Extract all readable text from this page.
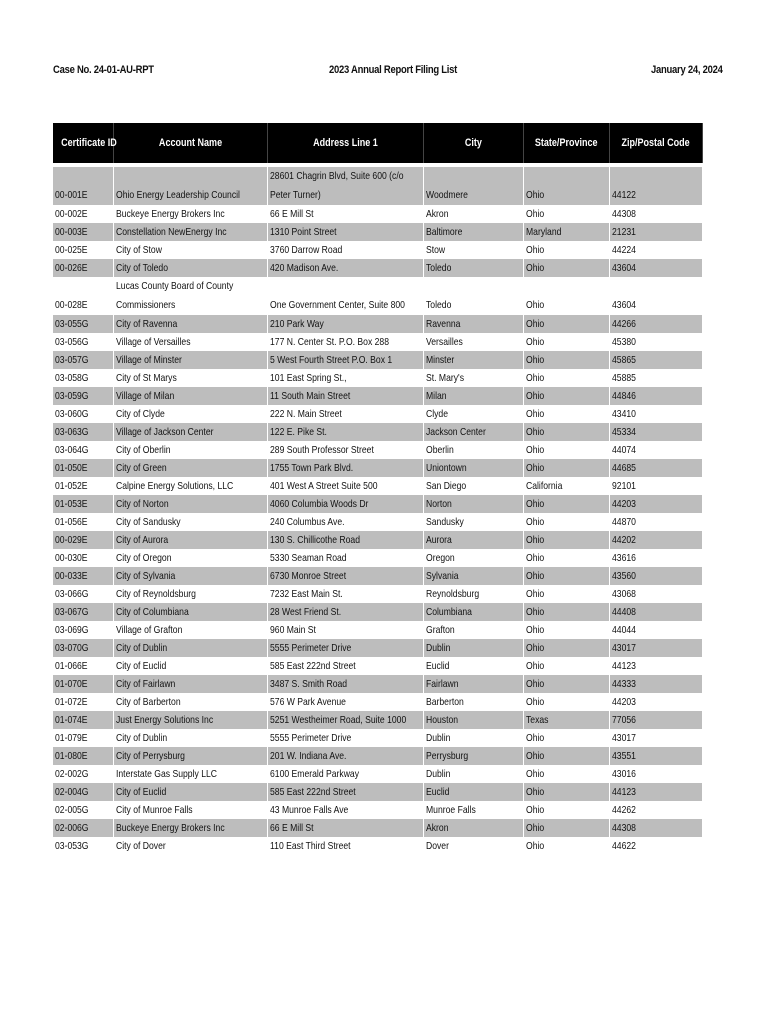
Case No. 24-01-AU-RPT	2023 Annual Report Filing List	January 24, 2024
Certificate ID	Account Name	Address Line 1	City	State/Province	Zip/Postal Code

00-001E	Ohio Energy Leadership Council	28601 Chagrin Blvd, Suite 600 (c/o Peter Turner)	Woodmere	Ohio	44122

00-002E	Buckeye Energy Brokers Inc	66 E Mill St	Akron	Ohio	44308
00-003E	Constellation NewEnergy Inc	1310 Point Street	Baltimore	Maryland	21231
00-025E	City of Stow	3760 Darrow Road	Stow	Ohio	44224
00-026E	City of Toledo	420 Madison Ave.	Toledo	Ohio	43604

00-028E	Lucas County Board of County Commissioners	One Government Center, Suite 800	Toledo	Ohio	43604

03-055G	City of Ravenna	210 Park Way	Ravenna	Ohio	44266
03-056G	Village of Versailles	177 N. Center St. P.O. Box 288	Versailles	Ohio	45380
03-057G	Village of Minster	5 West Fourth Street P.O. Box 1	Minster	Ohio	45865
03-058G	City of St Marys	101 East Spring St.,	St. Mary's	Ohio	45885
03-059G	Village of Milan	11 South Main Street	Milan	Ohio	44846
03-060G	City of Clyde	222 N. Main Street	Clyde	Ohio	43410
03-063G	Village of Jackson Center	122 E. Pike St.	Jackson Center	Ohio	45334
03-064G	City of Oberlin	289 South Professor Street	Oberlin	Ohio	44074
01-050E	City of Green	1755 Town Park Blvd.	Uniontown	Ohio	44685
01-052E	Calpine Energy Solutions, LLC	401 West A Street Suite 500	San Diego	California	92101
01-053E	City of Norton	4060 Columbia Woods Dr	Norton	Ohio	44203
01-056E	City of Sandusky	240 Columbus Ave.	Sandusky	Ohio	44870
00-029E	City of Aurora	130 S. Chillicothe Road	Aurora	Ohio	44202
00-030E	City of Oregon	5330 Seaman Road	Oregon	Ohio	43616
00-033E	City of Sylvania	6730 Monroe Street	Sylvania	Ohio	43560
03-066G	City of Reynoldsburg	7232 East Main St.	Reynoldsburg	Ohio	43068
03-067G	City of Columbiana	28 West Friend St.	Columbiana	Ohio	44408
03-069G	Village of Grafton	960 Main St	Grafton	Ohio	44044
03-070G	City of Dublin	5555 Perimeter Drive	Dublin	Ohio	43017
01-066E	City of Euclid	585 East 222nd Street	Euclid	Ohio	44123
01-070E	City of Fairlawn	3487 S. Smith Road	Fairlawn	Ohio	44333
01-072E	City of Barberton	576 W Park Avenue	Barberton	Ohio	44203
01-074E	Just Energy Solutions Inc	5251 Westheimer Road, Suite 1000	Houston	Texas	77056
01-079E	City of Dublin	5555 Perimeter Drive	Dublin	Ohio	43017
01-080E	City of Perrysburg	201 W. Indiana Ave.	Perrysburg	Ohio	43551
02-002G	Interstate Gas Supply LLC	6100 Emerald Parkway	Dublin	Ohio	43016
02-004G	City of Euclid	585 East 222nd Street	Euclid	Ohio	44123
02-005G	City of Munroe Falls	43 Munroe Falls Ave	Munroe Falls	Ohio	44262
02-006G	Buckeye Energy Brokers Inc	66 E Mill St	Akron	Ohio	44308
03-053G	City of Dover	110 East Third Street	Dover	Ohio	44622
